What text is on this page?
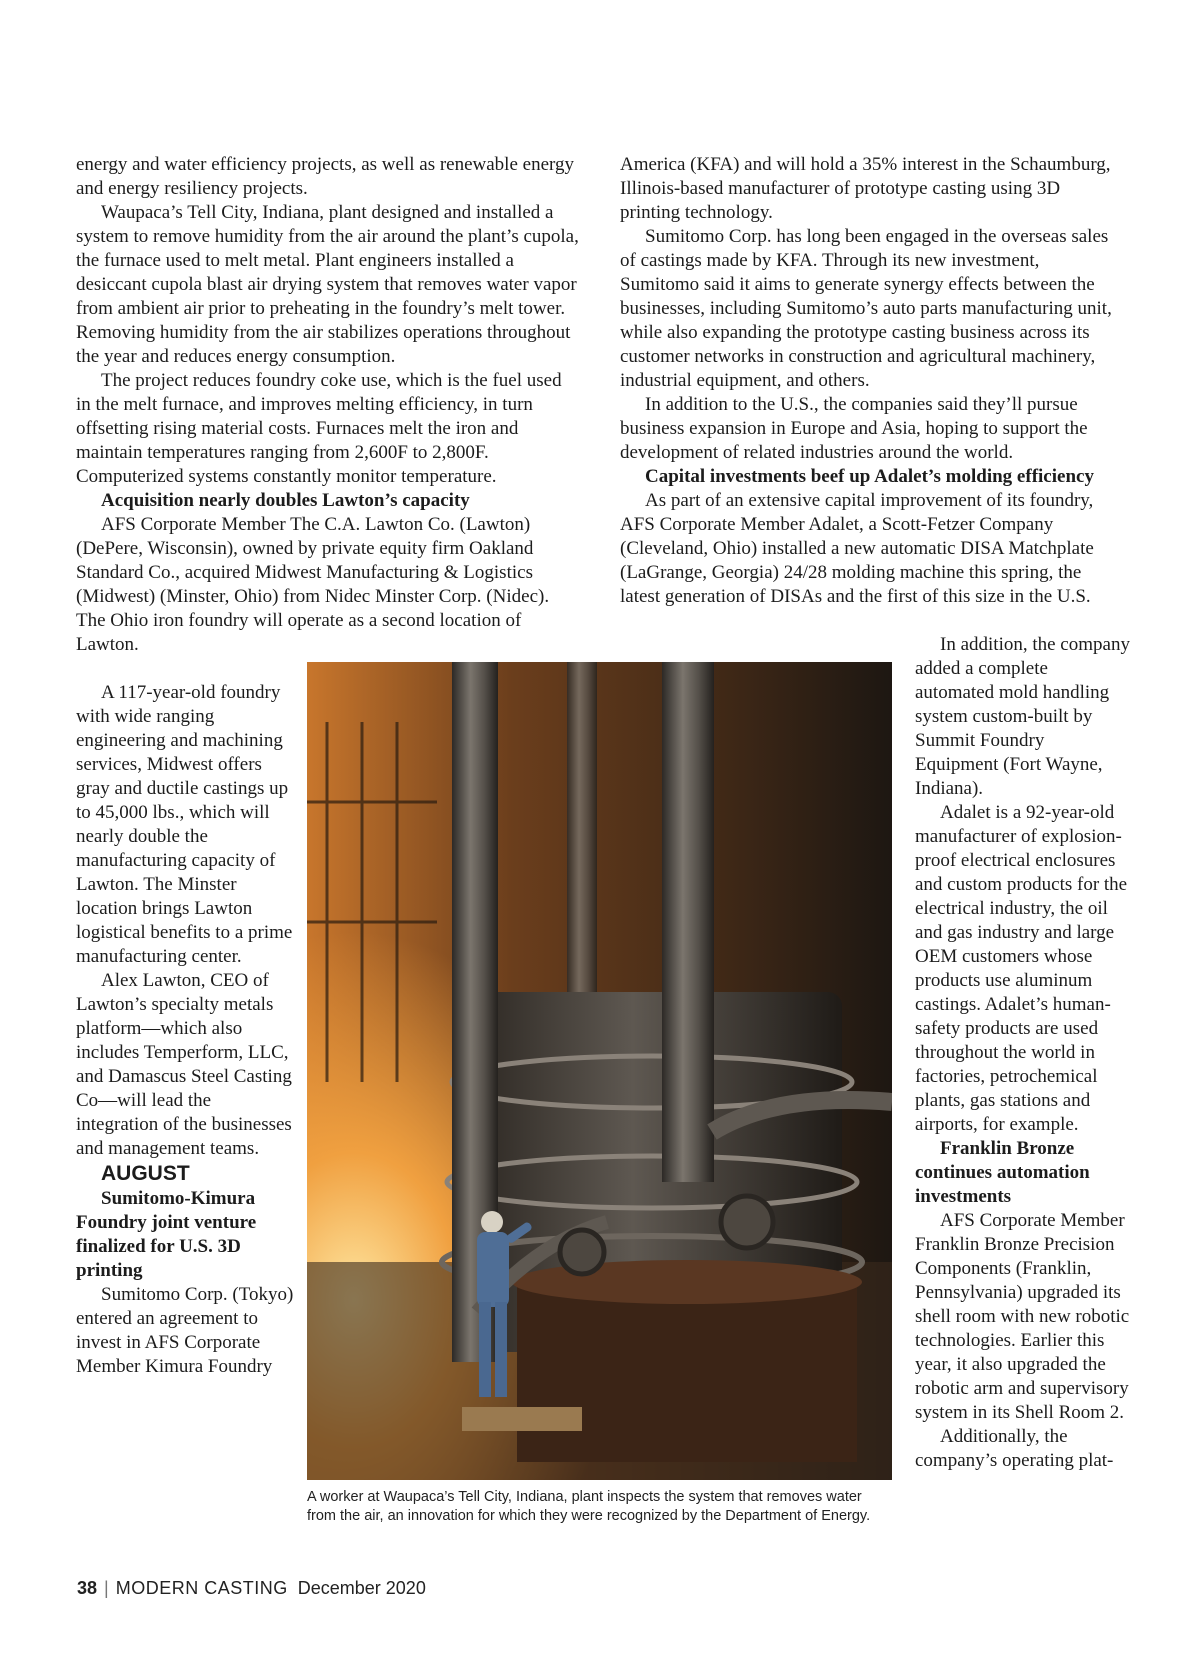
energy and water efficiency projects, as well as renewable energy and energy resiliency projects.

Waupaca’s Tell City, Indiana, plant designed and installed a system to remove humidity from the air around the plant’s cupola, the furnace used to melt metal. Plant engineers installed a desiccant cupola blast air drying system that removes water vapor from ambient air prior to preheating in the foundry’s melt tower. Removing humidity from the air stabilizes operations throughout the year and reduces energy consumption.

The project reduces foundry coke use, which is the fuel used in the melt furnace, and improves melting efficiency, in turn offsetting rising material costs. Furnaces melt the iron and maintain temperatures ranging from 2,600F to 2,800F. Computerized systems constantly monitor temperature.

Acquisition nearly doubles Lawton’s capacity

AFS Corporate Member The C.A. Lawton Co. (Lawton) (DePere, Wisconsin), owned by private equity firm Oakland Standard Co., acquired Midwest Manufacturing & Logistics (Midwest) (Minster, Ohio) from Nidec Minster Corp. (Nidec). The Ohio iron foundry will operate as a second location of Lawton.

A 117-year-old foundry with wide ranging engineering and machining services, Midwest offers gray and ductile castings up to 45,000 lbs., which will nearly double the manufacturing capacity of Lawton. The Minster location brings Lawton logistical benefits to a prime manufacturing center.

Alex Lawton, CEO of Lawton’s specialty metals platform—which also includes Temperform, LLC, and Damascus Steel Casting Co—will lead the integration of the businesses and management teams.

AUGUST

Sumitomo-Kimura Foundry joint venture finalized for U.S. 3D printing

Sumitomo Corp. (Tokyo) entered an agreement to invest in AFS Corporate Member Kimura Foundry

America (KFA) and will hold a 35% interest in the Schaumburg, Illinois-based manufacturer of prototype casting using 3D printing technology.

Sumitomo Corp. has long been engaged in the overseas sales of castings made by KFA. Through its new investment, Sumitomo said it aims to generate synergy effects between the businesses, including Sumitomo’s auto parts manufacturing unit, while also expanding the prototype casting business across its customer networks in construction and agricultural machinery, industrial equipment, and others.

In addition to the U.S., the companies said they’ll pursue business expansion in Europe and Asia, hoping to support the development of related industries around the world.

Capital investments beef up Adalet’s molding efficiency

As part of an extensive capital improvement of its foundry, AFS Corporate Member Adalet, a Scott-Fetzer Company (Cleveland, Ohio) installed a new automatic DISA Matchplate (LaGrange, Georgia) 24/28 molding machine this spring, the latest generation of DISAs and the first of this size in the U.S.

In addition, the company added a complete automated mold handling system custom-built by Summit Foundry Equipment (Fort Wayne, Indiana).

Adalet is a 92-year-old manufacturer of explosion-proof electrical enclosures and custom products for the electrical industry, the oil and gas industry and large OEM customers whose products use aluminum castings. Adalet’s human-safety products are used throughout the world in factories, petrochemical plants, gas stations and airports, for example.

Franklin Bronze continues automation investments

AFS Corporate Member Franklin Bronze Precision Components (Franklin, Pennsylvania) upgraded its shell room with new robotic technologies. Earlier this year, it also upgraded the robotic arm and supervisory system in its Shell Room 2.

Additionally, the company’s operating plat-

A worker at Waupaca’s Tell City, Indiana, plant inspects the system that removes water from the air, an innovation for which they were recognized by the Department of Energy.
38 | MODERN CASTING December 2020
